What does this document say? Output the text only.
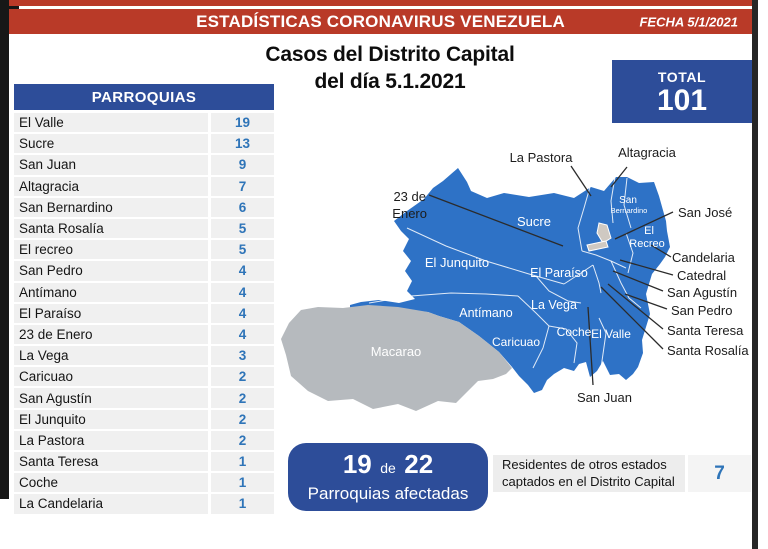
ESTADÍSTICAS CORONAVIRUS VENEZUELA	FECHA 5/1/2021
Casos del Distrito Capital
del día 5.1.2021	TOTAL
101
PARROQUIAS
El Valle	19
Sucre	13
San Juan	9
Altagracia	7
San Bernardino	6
Santa Rosalía	5
El recreo	5
San Pedro	4
Antímano	4
El Paraíso	4
23 de Enero	4
La Vega	3
Caricuao	2
San Agustín	2
El Junquito	2
La Pastora	2
Santa Teresa	1
Coche	1
La Candelaria	1
La Pastora	Altagracia
23 de
Enero	San José
Candelaria
Catedral
San Agustín
San Pedro
Santa Teresa
Santa Rosalía
San Juan
Sucre
San
Bernardino
El
Recreo
El Junquito
El Paraíso
La Vega
Antímano
Coche El Valle
Caricuao
Macarao
19 de 22
Parroquias afectadas
Residentes de otros estados
captados en el Distrito Capital	7
